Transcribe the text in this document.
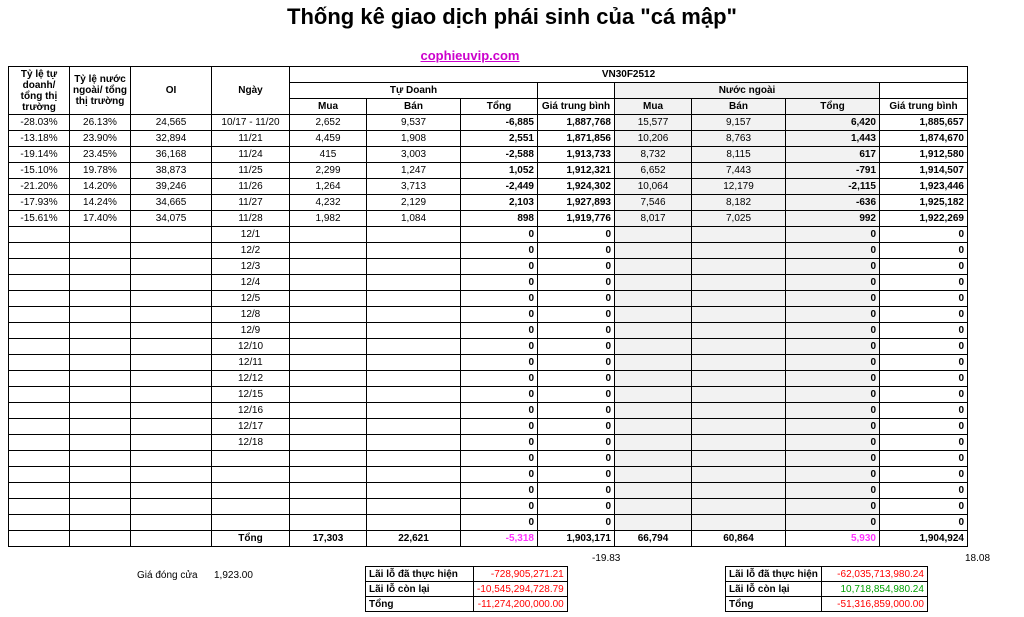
Thống kê giao dịch phái sinh của "cá mập"
cophieuvip.com
Tỷ lệ tự doanh/ tổng thị trường	Tỷ lệ nước ngoài/ tổng thị trường	OI	Ngày	VN30F2512							
				Tự Doanh				Nước ngoài			
				Mua	Bán	Tổng	Giá trung bình	Mua	Bán	Tổng	Giá trung bình
-28.03%	26.13%	24,565	10/17 - 11/20	2,652	9,537	-6,885	1,887,768	15,577	9,157	6,420	1,885,657
-13.18%	23.90%	32,894	11/21	4,459	1,908	2,551	1,871,856	10,206	8,763	1,443	1,874,670
-19.14%	23.45%	36,168	11/24	415	3,003	-2,588	1,913,733	8,732	8,115	617	1,912,580
-15.10%	19.78%	38,873	11/25	2,299	1,247	1,052	1,912,321	6,652	7,443	-791	1,914,507
-21.20%	14.20%	39,246	11/26	1,264	3,713	-2,449	1,924,302	10,064	12,179	-2,115	1,923,446
-17.93%	14.24%	34,665	11/27	4,232	2,129	2,103	1,927,893	7,546	8,182	-636	1,925,182
-15.61%	17.40%	34,075	11/28	1,982	1,084	898	1,919,776	8,017	7,025	992	1,922,269
			12/1			0	0			0	0
			12/2			0	0			0	0
			12/3			0	0			0	0
			12/4			0	0			0	0
			12/5			0	0			0	0
			12/8			0	0			0	0
			12/9			0	0			0	0
			12/10			0	0			0	0
			12/11			0	0			0	0
			12/12			0	0			0	0
			12/15			0	0			0	0
			12/16			0	0			0	0
			12/17			0	0			0	0
			12/18			0	0			0	0
						0	0			0	0
						0	0			0	0
						0	0			0	0
						0	0			0	0
						0	0			0	0
			Tổng	17,303	22,621	-5,318	1,903,171	66,794	60,864	5,930	1,904,924
-19.83	18.08
Giá đóng cửa 1,923.00	Lãi lỗ đã thực hiện	-728,905,271.21
Lãi lỗ còn lại	-10,545,294,728.79
Tổng	-11,274,200,000.00
Lãi lỗ đã thực hiện	-62,035,713,980.24
Lãi lỗ còn lại	10,718,854,980.24
Tổng	-51,316,859,000.00
